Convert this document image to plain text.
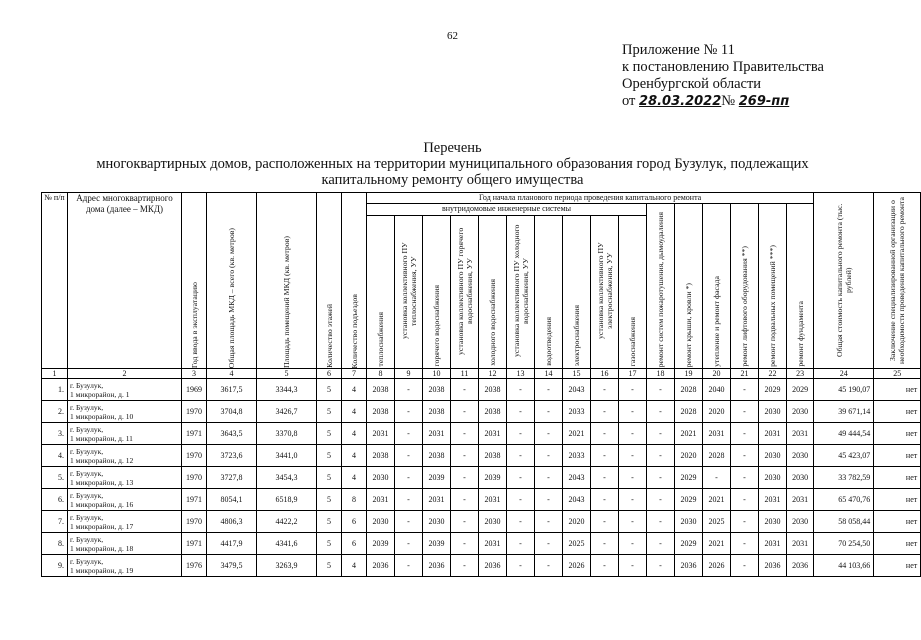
62
Приложение № 11
к постановлению Правительства
Оренбургской области
от 28.03.2022№ 269-пп
Перечень
многоквартирных домов, расположенных на территории муниципального образования город Бузулук, подлежащих
капитальному ремонту общего имущества
№ п/п	Адрес многоквартирного дома (далее – МКД)	Год ввода в эксплуатацию	Общая площадь МКД – всего (кв. метров)	Площадь помещений МКД (кв. метров)	Количество этажей	Количество подъездов	Год начала планового периода проведения капитального ремонта																Общая стоимость капитального ремонта (тыс. рублей)	Заключение специализированной организации о необходимости проведения капитального ремонта

							внутридомовые инженерные системы										ремонт систем пожаротушения, дымоудаления	ремонт крыши, кровли *)	утепление и ремонт фасада	ремонт лифтового оборудования **)	ремонт подвальных помещений ***)	ремонт фундамента		

							теплоснабжения	установка коллективного ПУ теплоснабжения, УУ	горячего водоснабжения	установка коллективного ПУ горячего водоснабжения, УУ	холодного водоснабжения	установка коллективного ПУ холодного водоснабжения, УУ	водоотведения	электроснабжения	установка коллективного ПУ электроснабжения, УУ	газоснабжения								

1	2	3	4	5	6	7	8	9	10	11	12	13	14	15	16	17	18	19	20	21	22	23	24	25
1.	г. Бузулук,
1 микрорайон, д. 1	1969	3617,5	3344,3	5	4	2038	-	2038	-	2038	-	-	2043	-	-	-	2028	2040	-	2029	2029	45 190,07	нет
2.	г. Бузулук,
1 микрорайон, д. 10	1970	3704,8	3426,7	5	4	2038	-	2038	-	2038	-	-	2033	-	-	-	2028	2020	-	2030	2030	39 671,14	нет
3.	г. Бузулук,
1 микрорайон, д. 11	1971	3643,5	3370,8	5	4	2031	-	2031	-	2031	-	-	2021	-	-	-	2021	2031	-	2031	2031	49 444,54	нет
4.	г. Бузулук,
1 микрорайон, д. 12	1970	3723,6	3441,0	5	4	2038	-	2038	-	2038	-	-	2033	-	-	-	2020	2028	-	2030	2030	45 423,07	нет
5.	г. Бузулук,
1 микрорайон, д. 13	1970	3727,8	3454,3	5	4	2030	-	2039	-	2039	-	-	2043	-	-	-	2029	-	-	2030	2030	33 782,59	нет
6.	г. Бузулук,
1 микрорайон, д. 16	1971	8054,1	6518,9	5	8	2031	-	2031	-	2031	-	-	2043	-	-	-	2029	2021	-	2031	2031	65 470,76	нет
7.	г. Бузулук,
1 микрорайон, д. 17	1970	4806,3	4422,2	5	6	2030	-	2030	-	2030	-	-	2020	-	-	-	2030	2025	-	2030	2030	58 058,44	нет
8.	г. Бузулук,
1 микрорайон, д. 18	1971	4417,9	4341,6	5	6	2039	-	2039	-	2031	-	-	2025	-	-	-	2029	2021	-	2031	2031	70 254,50	нет
9.	г. Бузулук,
1 микрорайон, д. 19	1976	3479,5	3263,9	5	4	2036	-	2036	-	2036	-	-	2026	-	-	-	2036	2026	-	2036	2036	44 103,66	нет
